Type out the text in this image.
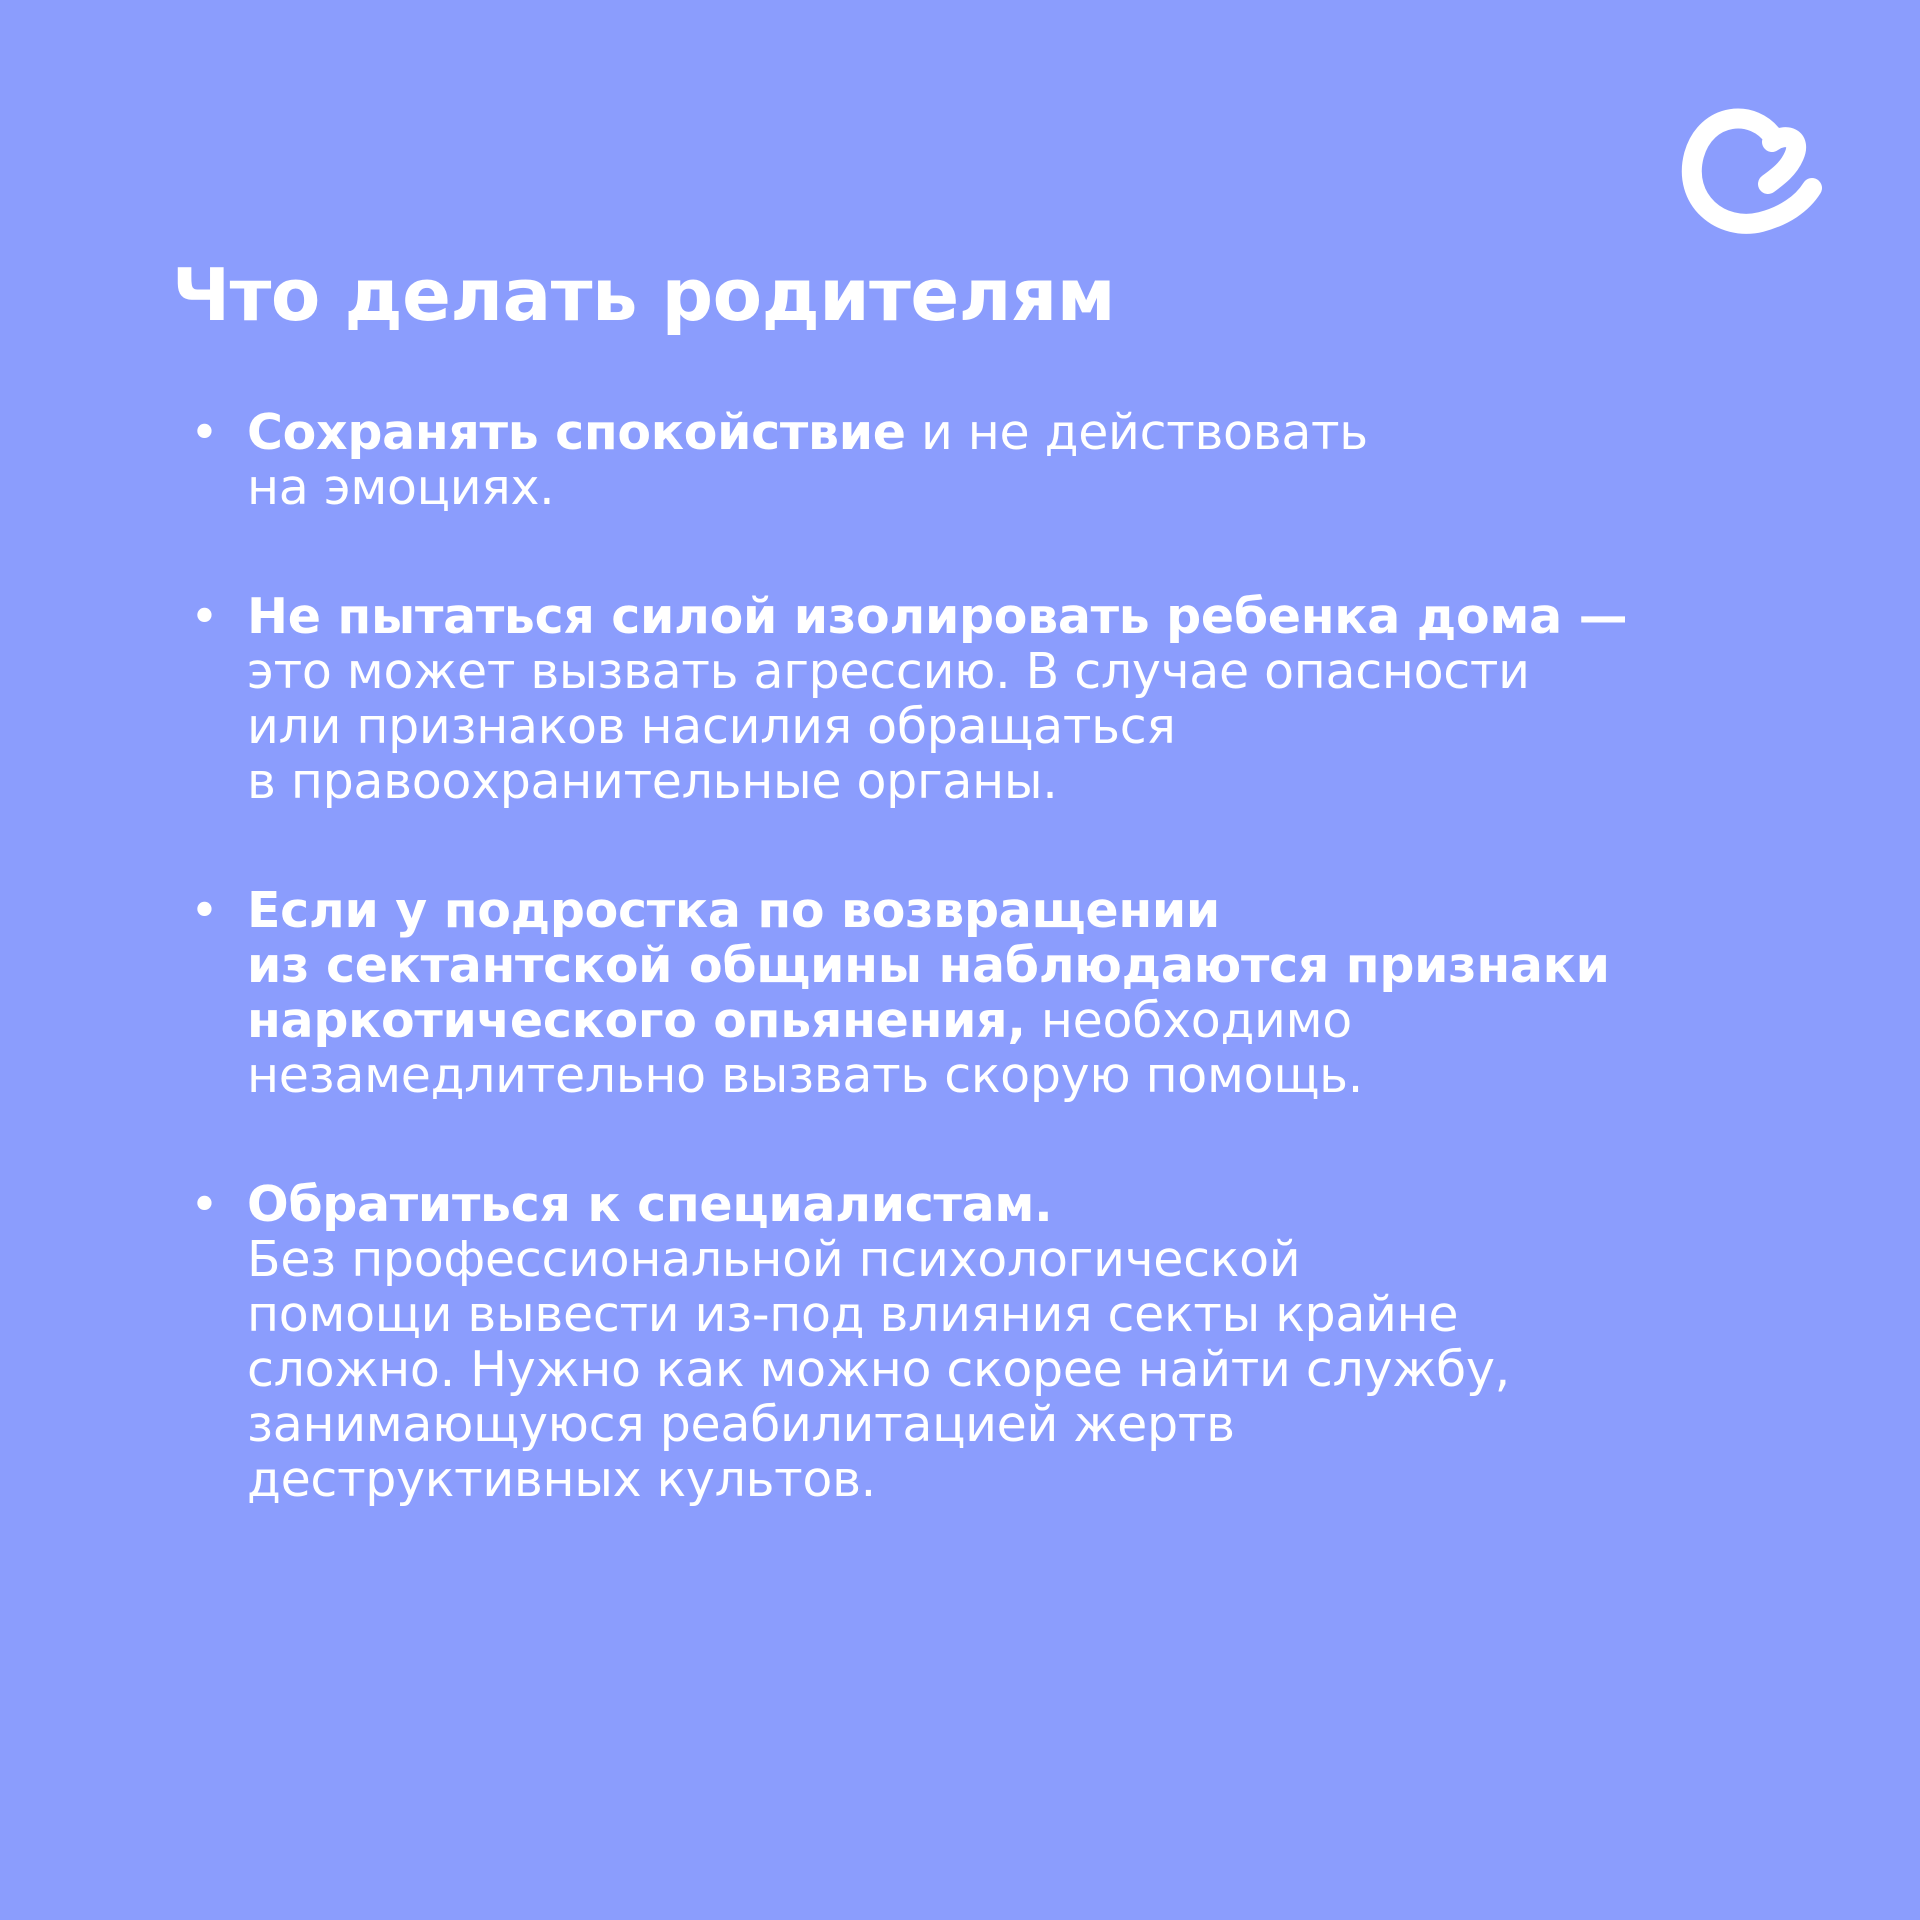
Что делать родителям
• Сохранять спокойствие и не действовать
на эмоциях.

• Не пытаться силой изолировать ребенка дома —
это может вызвать агрессию. В случае опасности
или признаков насилия обращаться
в правоохранительные органы.

• Если у подростка по возвращении
из сектантской общины наблюдаются признаки
наркотического опьянения, необходимо
незамедлительно вызвать скорую помощь.

• Обратиться к специалистам.
Без профессиональной психологической
помощи вывести из-под влияния секты крайне
сложно. Нужно как можно скорее найти службу,
занимающуюся реабилитацией жертв
деструктивных культов.
